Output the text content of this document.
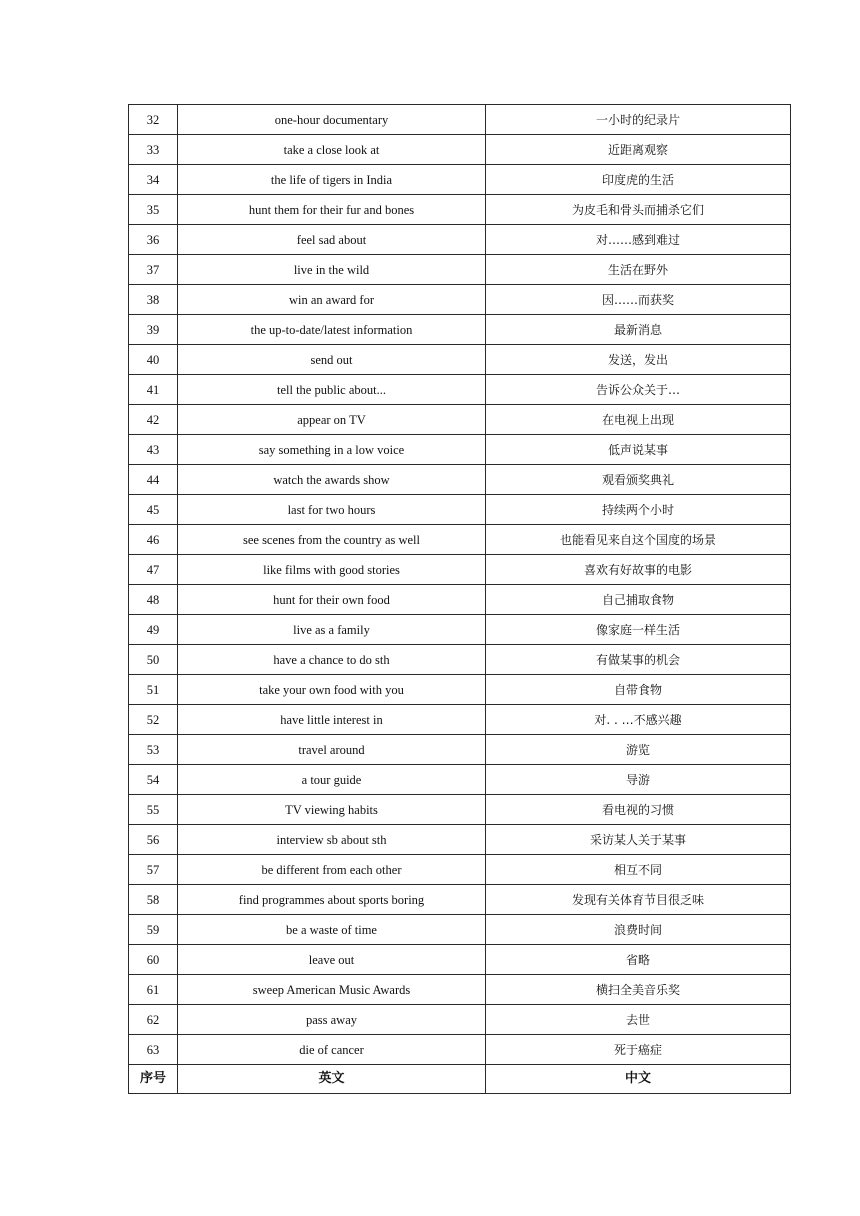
32	one-hour documentary	一小时的纪录片
33	take a close look at	近距离观察
34	the life of tigers in India	印度虎的生活
35	hunt them for their fur and bones	为皮毛和骨头而捕杀它们
36	feel sad about	对……感到难过
37	live in the wild	生活在野外
38	win an award for	因……而获奖
39	the up-to-date/latest information	最新消息
40	send out	发送，发出
41	tell the public about...	告诉公众关于…
42	appear on TV	在电视上出现
43	say something in a low voice	低声说某事
44	watch the awards show	观看颁奖典礼
45	last for two hours	持续两个小时
46	see scenes from the country as well	也能看见来自这个国度的场景
47	like films with good stories	喜欢有好故事的电影
48	hunt for their own food	自己捕取食物
49	live as a family	像家庭一样生活
50	have a chance to do sth	有做某事的机会
51	take your own food with you	自带食物
52	have little interest in	对. . …不感兴趣
53	travel around	游览
54	a tour guide	导游
55	TV viewing habits	看电视的习惯
56	interview sb about sth	采访某人关于某事
57	be different from each other	相互不同
58	find programmes about sports boring	发现有关体育节目很乏味
59	be a waste of time	浪费时间
60	leave out	省略
61	sweep American Music Awards	横扫全美音乐奖
62	pass away	去世
63	die of cancer	死于癌症
序号	英文	中文
